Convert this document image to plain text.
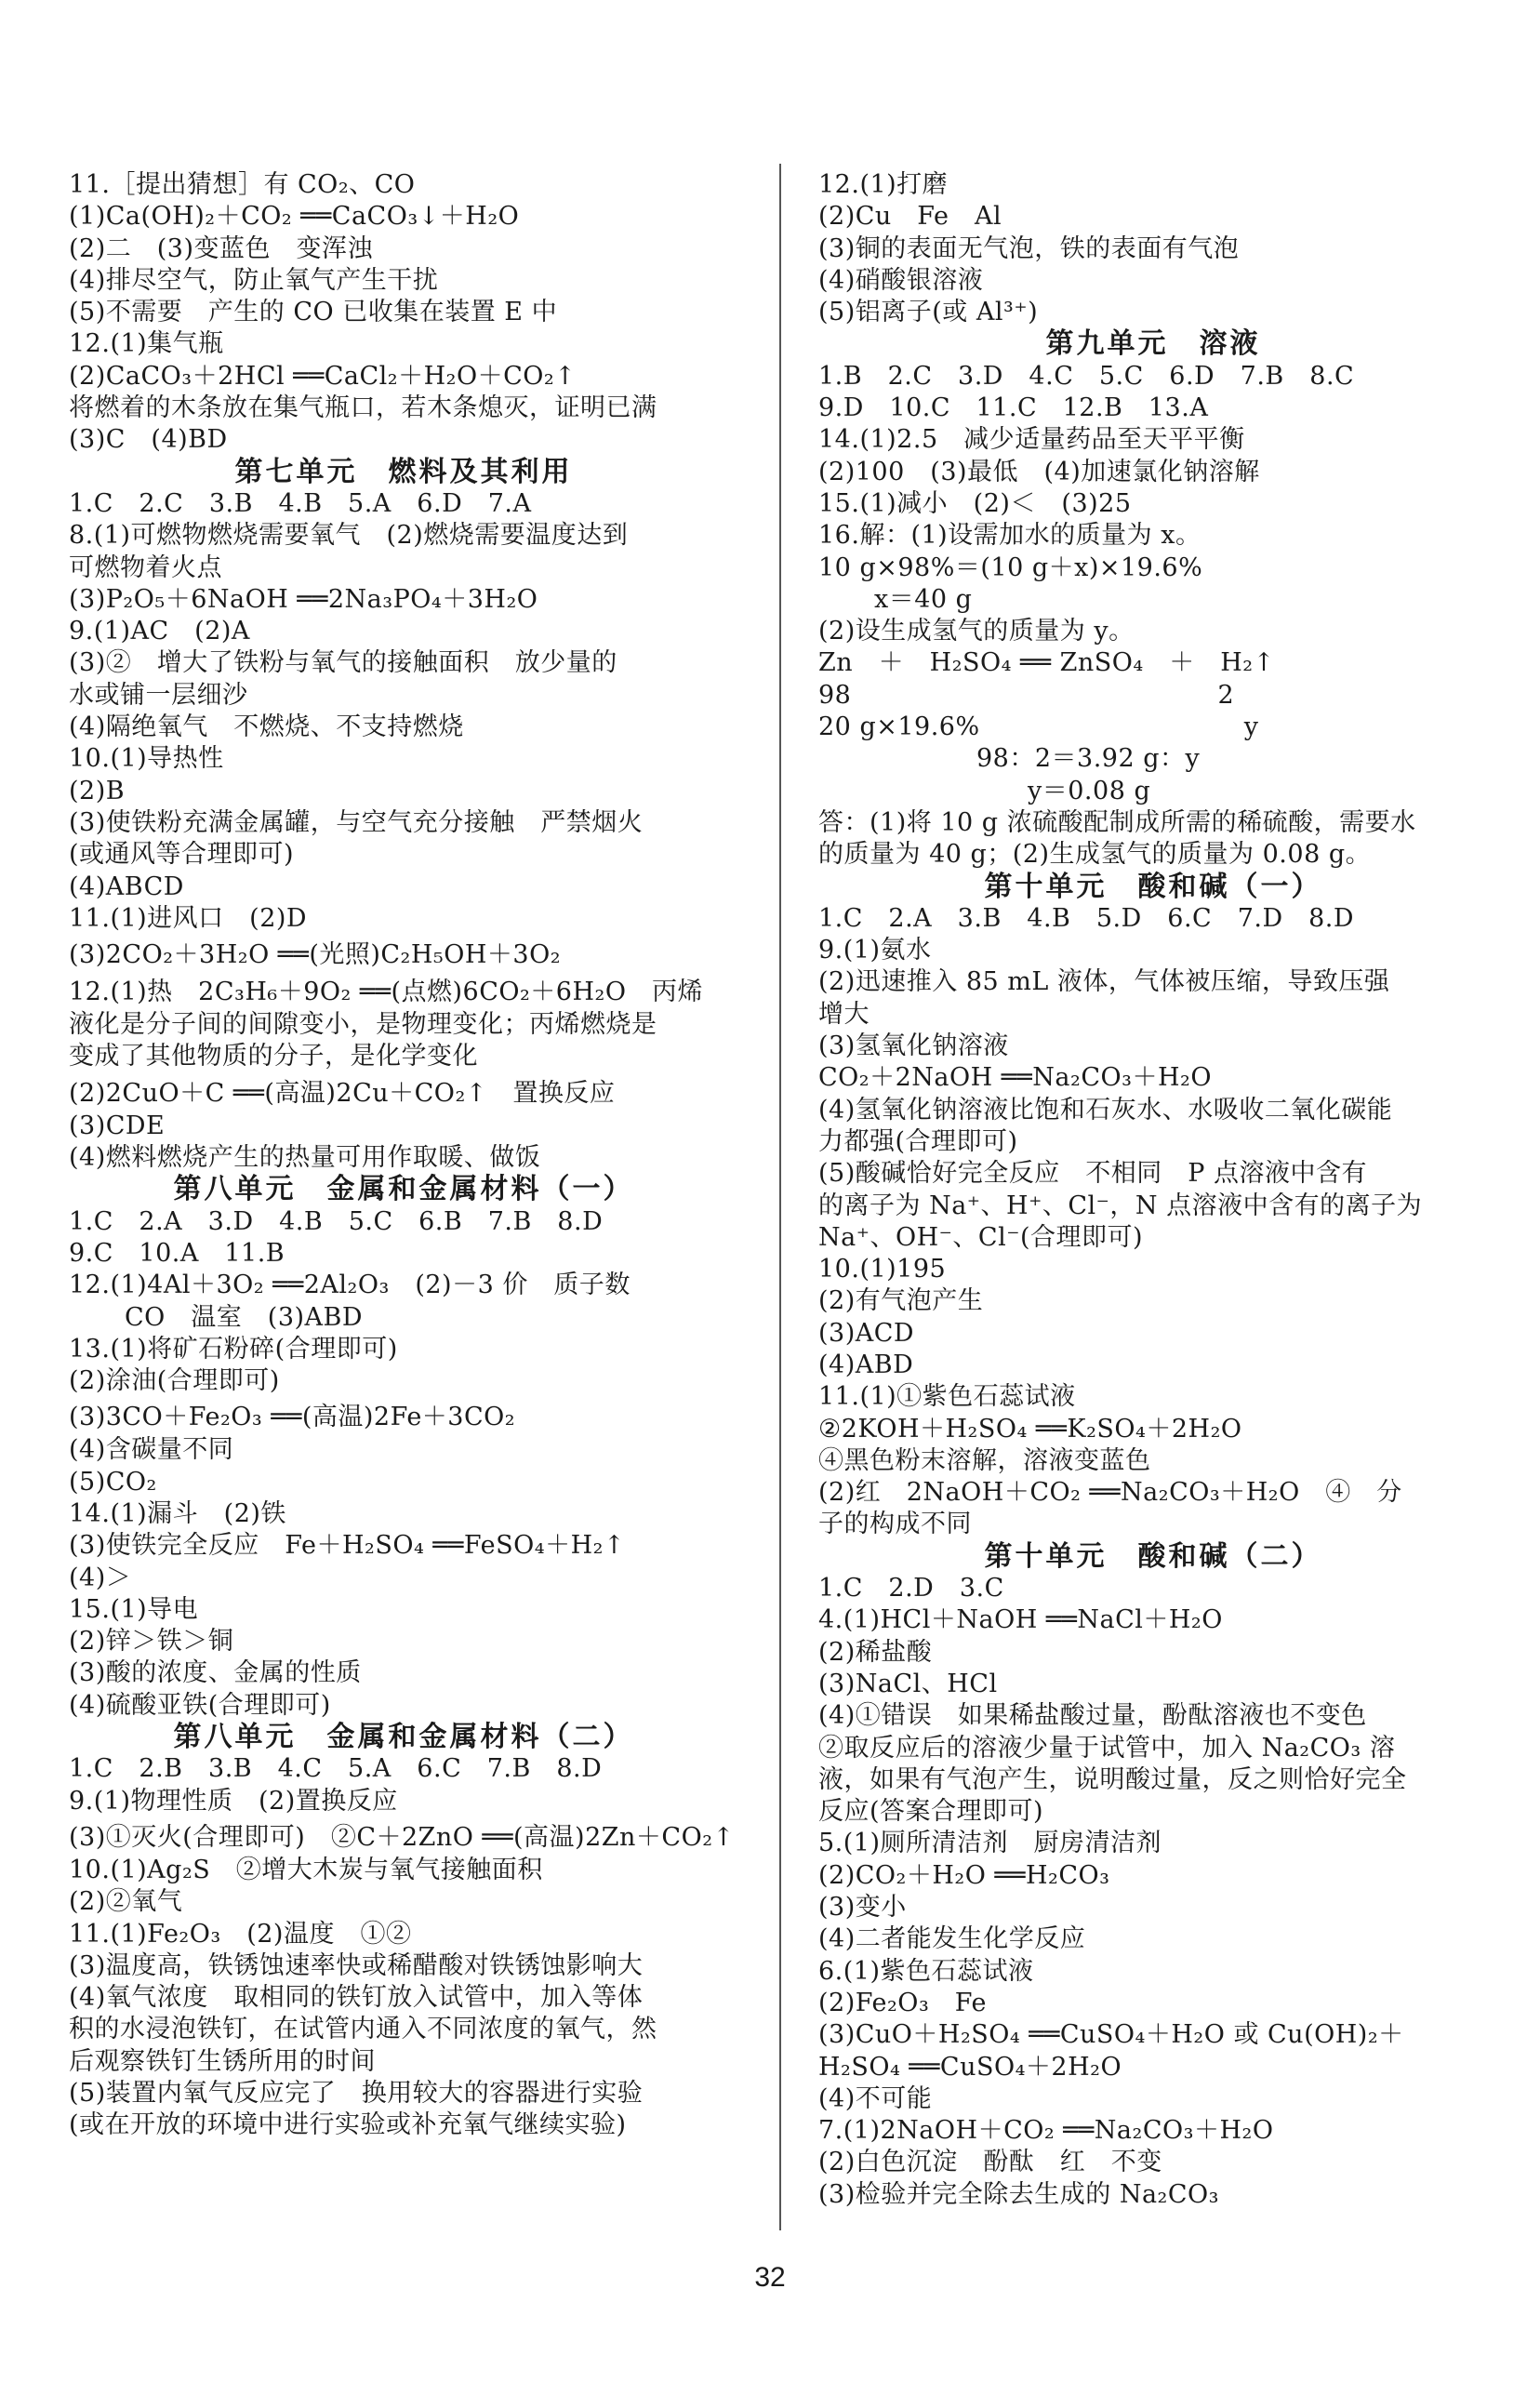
11.［提出猜想］有 CO₂、CO
(1)Ca(OH)₂＋CO₂ ══CaCO₃↓＋H₂O
(2)二　(3)变蓝色　变浑浊
(4)排尽空气，防止氧气产生干扰
(5)不需要　产生的 CO 已收集在装置 E 中
12.(1)集气瓶
(2)CaCO₃＋2HCl ══CaCl₂＋H₂O＋CO₂↑
将燃着的木条放在集气瓶口，若木条熄灭，证明已满
(3)C　(4)BD
第七单元　燃料及其利用
1.C　2.C　3.B　4.B　5.A　6.D　7.A
8.(1)可燃物燃烧需要氧气　(2)燃烧需要温度达到
可燃物着火点
(3)P₂O₅＋6NaOH ══2Na₃PO₄＋3H₂O
9.(1)AC　(2)A
(3)②　增大了铁粉与氧气的接触面积　放少量的
水或铺一层细沙
(4)隔绝氧气　不燃烧、不支持燃烧
10.(1)导热性
(2)B
(3)使铁粉充满金属罐，与空气充分接触　严禁烟火
(或通风等合理即可)
(4)ABCD
11.(1)进风口　(2)D
(3)2CO₂＋3H₂O ══(光照)C₂H₅OH＋3O₂
12.(1)热　2C₃H₆＋9O₂ ══(点燃)6CO₂＋6H₂O　丙烯
液化是分子间的间隙变小，是物理变化；丙烯燃烧是
变成了其他物质的分子，是化学变化
(2)2CuO＋C ══(高温)2Cu＋CO₂↑　置换反应
(3)CDE
(4)燃料燃烧产生的热量可用作取暖、做饭
第八单元　金属和金属材料（一）
1.C　2.A　3.D　4.B　5.C　6.B　7.B　8.D
9.C　10.A　11.B
12.(1)4Al＋3O₂ ══2Al₂O₃　(2)－3 价　质子数
CO　温室　(3)ABD
13.(1)将矿石粉碎(合理即可)
(2)涂油(合理即可)
(3)3CO＋Fe₂O₃ ══(高温)2Fe＋3CO₂
(4)含碳量不同
(5)CO₂
14.(1)漏斗　(2)铁
(3)使铁完全反应　Fe＋H₂SO₄ ══FeSO₄＋H₂↑
(4)＞
15.(1)导电
(2)锌＞铁＞铜
(3)酸的浓度、金属的性质
(4)硫酸亚铁(合理即可)
第八单元　金属和金属材料（二）
1.C　2.B　3.B　4.C　5.A　6.C　7.B　8.D
9.(1)物理性质　(2)置换反应
(3)①灭火(合理即可)　②C＋2ZnO ══(高温)2Zn＋CO₂↑
10.(1)Ag₂S　②增大木炭与氧气接触面积
(2)②氧气
11.(1)Fe₂O₃　(2)温度　①②
(3)温度高，铁锈蚀速率快或稀醋酸对铁锈蚀影响大
(4)氧气浓度　取相同的铁钉放入试管中，加入等体
积的水浸泡铁钉，在试管内通入不同浓度的氧气，然
后观察铁钉生锈所用的时间
(5)装置内氧气反应完了　换用较大的容器进行实验
(或在开放的环境中进行实验或补充氧气继续实验)
12.(1)打磨
(2)Cu　Fe　Al
(3)铜的表面无气泡，铁的表面有气泡
(4)硝酸银溶液
(5)铝离子(或 Al³⁺)
第九单元　溶液
1.B　2.C　3.D　4.C　5.C　6.D　7.B　8.C
9.D　10.C　11.C　12.B　13.A
14.(1)2.5　减少适量药品至天平平衡
(2)100　(3)最低　(4)加速氯化钠溶解
15.(1)减小　(2)＜　(3)25
16.解：(1)设需加水的质量为 x。
10 g×98%＝(10 g＋x)×19.6%
x＝40 g
(2)设生成氢气的质量为 y。
Zn　＋　H₂SO₄ ══ ZnSO₄　＋　H₂↑
98　　　　　　　　　　　　　　 2
20 g×19.6%　　　　　　　　　　 y
98：2＝3.92 g：y
y＝0.08 g
答：(1)将 10 g 浓硫酸配制成所需的稀硫酸，需要水
的质量为 40 g；(2)生成氢气的质量为 0.08 g。
第十单元　酸和碱（一）
1.C　2.A　3.B　4.B　5.D　6.C　7.D　8.D
9.(1)氨水
(2)迅速推入 85 mL 液体，气体被压缩，导致压强
增大
(3)氢氧化钠溶液
CO₂＋2NaOH ══Na₂CO₃＋H₂O
(4)氢氧化钠溶液比饱和石灰水、水吸收二氧化碳能
力都强(合理即可)
(5)酸碱恰好完全反应　不相同　P 点溶液中含有
的离子为 Na⁺、H⁺、Cl⁻，N 点溶液中含有的离子为
Na⁺、OH⁻、Cl⁻(合理即可)
10.(1)195
(2)有气泡产生
(3)ACD
(4)ABD
11.(1)①紫色石蕊试液
②2KOH＋H₂SO₄ ══K₂SO₄＋2H₂O
④黑色粉末溶解，溶液变蓝色
(2)红　2NaOH＋CO₂ ══Na₂CO₃＋H₂O　④　分
子的构成不同
第十单元　酸和碱（二）
1.C　2.D　3.C
4.(1)HCl＋NaOH ══NaCl＋H₂O
(2)稀盐酸
(3)NaCl、HCl
(4)①错误　如果稀盐酸过量，酚酞溶液也不变色
②取反应后的溶液少量于试管中，加入 Na₂CO₃ 溶
液，如果有气泡产生，说明酸过量，反之则恰好完全
反应(答案合理即可)
5.(1)厕所清洁剂　厨房清洁剂
(2)CO₂＋H₂O ══H₂CO₃
(3)变小
(4)二者能发生化学反应
6.(1)紫色石蕊试液
(2)Fe₂O₃　Fe
(3)CuO＋H₂SO₄ ══CuSO₄＋H₂O 或 Cu(OH)₂＋
H₂SO₄ ══CuSO₄＋2H₂O
(4)不可能
7.(1)2NaOH＋CO₂ ══Na₂CO₃＋H₂O
(2)白色沉淀　酚酞　红　不变
(3)检验并完全除去生成的 Na₂CO₃
32
